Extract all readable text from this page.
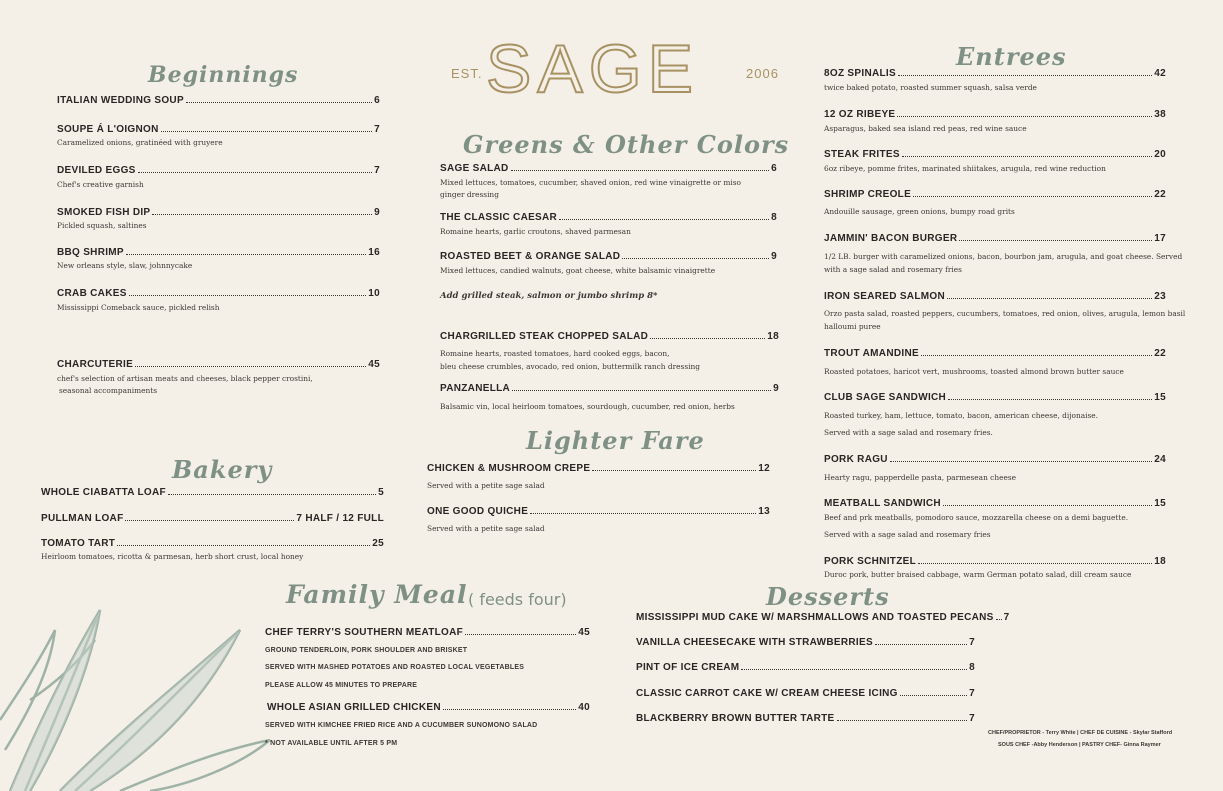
EST. SAGE	2006
Beginnings
Greens & Other Colors
Entrees
Bakery
Lighter Fare
Family Meal ( feeds four)	Desserts
ITALIAN WEDDING SOUP	6
SOUPE Á L'OIGNON	7
Caramelized onions, gratinéed with gruyere
DEVILED EGGS	7
Chef's creative garnish
SMOKED FISH DIP	9
Pickled squash, saltines
BBQ SHRIMP	16
New orleans style, slaw, johnnycake
CRAB CAKES	10
Mississippi Comeback sauce, pickled relish
CHARCUTERIE	45
chef's selection of artisan meats and cheeses, black pepper crostini,
seasonal accompaniments
WHOLE CIABATTA LOAF	5
PULLMAN LOAF	7 HALF / 12 FULL
TOMATO TART	25
Heirloom tomatoes, ricotta & parmesan, herb short crust, local honey
SAGE SALAD	6
Mixed lettuces, tomatoes, cucumber, shaved onion, red wine vinaigrette or miso
ginger dressing
THE CLASSIC CAESAR	8
Romaine hearts, garlic croutons, shaved parmesan
ROASTED BEET & ORANGE SALAD	9
Mixed lettuces, candied walnuts, goat cheese, white balsamic vinaigrette
Add grilled steak, salmon or jumbo shrimp 8*
CHARGRILLED STEAK CHOPPED SALAD	18
Romaine hearts, roasted tomatoes, hard cooked eggs, bacon,
bleu cheese crumbles, avocado, red onion, buttermilk ranch dressing
PANZANELLA	9
Balsamic vin, local heirloom tomatoes, sourdough, cucumber, red onion, herbs
CHICKEN & MUSHROOM CREPE	12
Served with a petite sage salad
ONE GOOD QUICHE	13
Served with a petite sage salad
CHEF TERRY'S SOUTHERN MEATLOAF	45
GROUND TENDERLOIN, PORK SHOULDER AND BRISKET
SERVED WITH MASHED POTATOES AND ROASTED LOCAL VEGETABLES
PLEASE ALLOW 45 MINUTES TO PREPARE
WHOLE ASIAN GRILLED CHICKEN	40
SERVED WITH KIMCHEE FRIED RICE AND A CUCUMBER SUNOMONO SALAD
* NOT AVAILABLE UNTIL AFTER 5 PM
MISSISSIPPI MUD CAKE W/ MARSHMALLOWS AND TOASTED PECANS 7
VANILLA CHEESECAKE WITH STRAWBERRIES	7
PINT OF ICE CREAM	8
CLASSIC CARROT CAKE W/ CREAM CHEESE ICING	7
BLACKBERRY BROWN BUTTER TARTE	7
8OZ SPINALIS	42
twice baked potato, roasted summer squash, salsa verde
12 OZ RIBEYE	38
Asparagus, baked sea island red peas, red wine sauce
STEAK FRITES	20
6oz ribeye, pomme frites, marinated shiitakes, arugula, red wine reduction
SHRIMP CREOLE	22
Andouille sausage, green onions, bumpy road grits
JAMMIN' BACON BURGER	17
1/2 LB. burger with caramelized onions, bacon, bourbon jam, arugula, and goat cheese. Served
with a sage salad and rosemary fries
IRON SEARED SALMON	23
Orzo pasta salad, roasted peppers, cucumbers, tomatoes, red onion, olives, arugula, lemon basil
halloumi puree
TROUT AMANDINE	22
Roasted potatoes, haricot vert, mushrooms, toasted almond brown butter sauce
CLUB SAGE SANDWICH	15
Roasted turkey, ham, lettuce, tomato, bacon, american cheese, dijonaise.
Served with a sage salad and rosemary fries.
PORK RAGU	24
Hearty ragu, papperdelle pasta, parmesean cheese
MEATBALL SANDWICH	15
Beef and prk meatballs, pomodoro sauce, mozzarella cheese on a demi baguette.
Served with a sage salad and rosemary fries
PORK SCHNITZEL	18
Duroc pork, butter braised cabbage, warm German potato salad, dill cream sauce
CHEF/PROPRIETOR - Terry White | CHEF DE CUISINE - Skylar Stafford
SOUS CHEF -Abby Henderson | PASTRY CHEF- Ginna Raymer
